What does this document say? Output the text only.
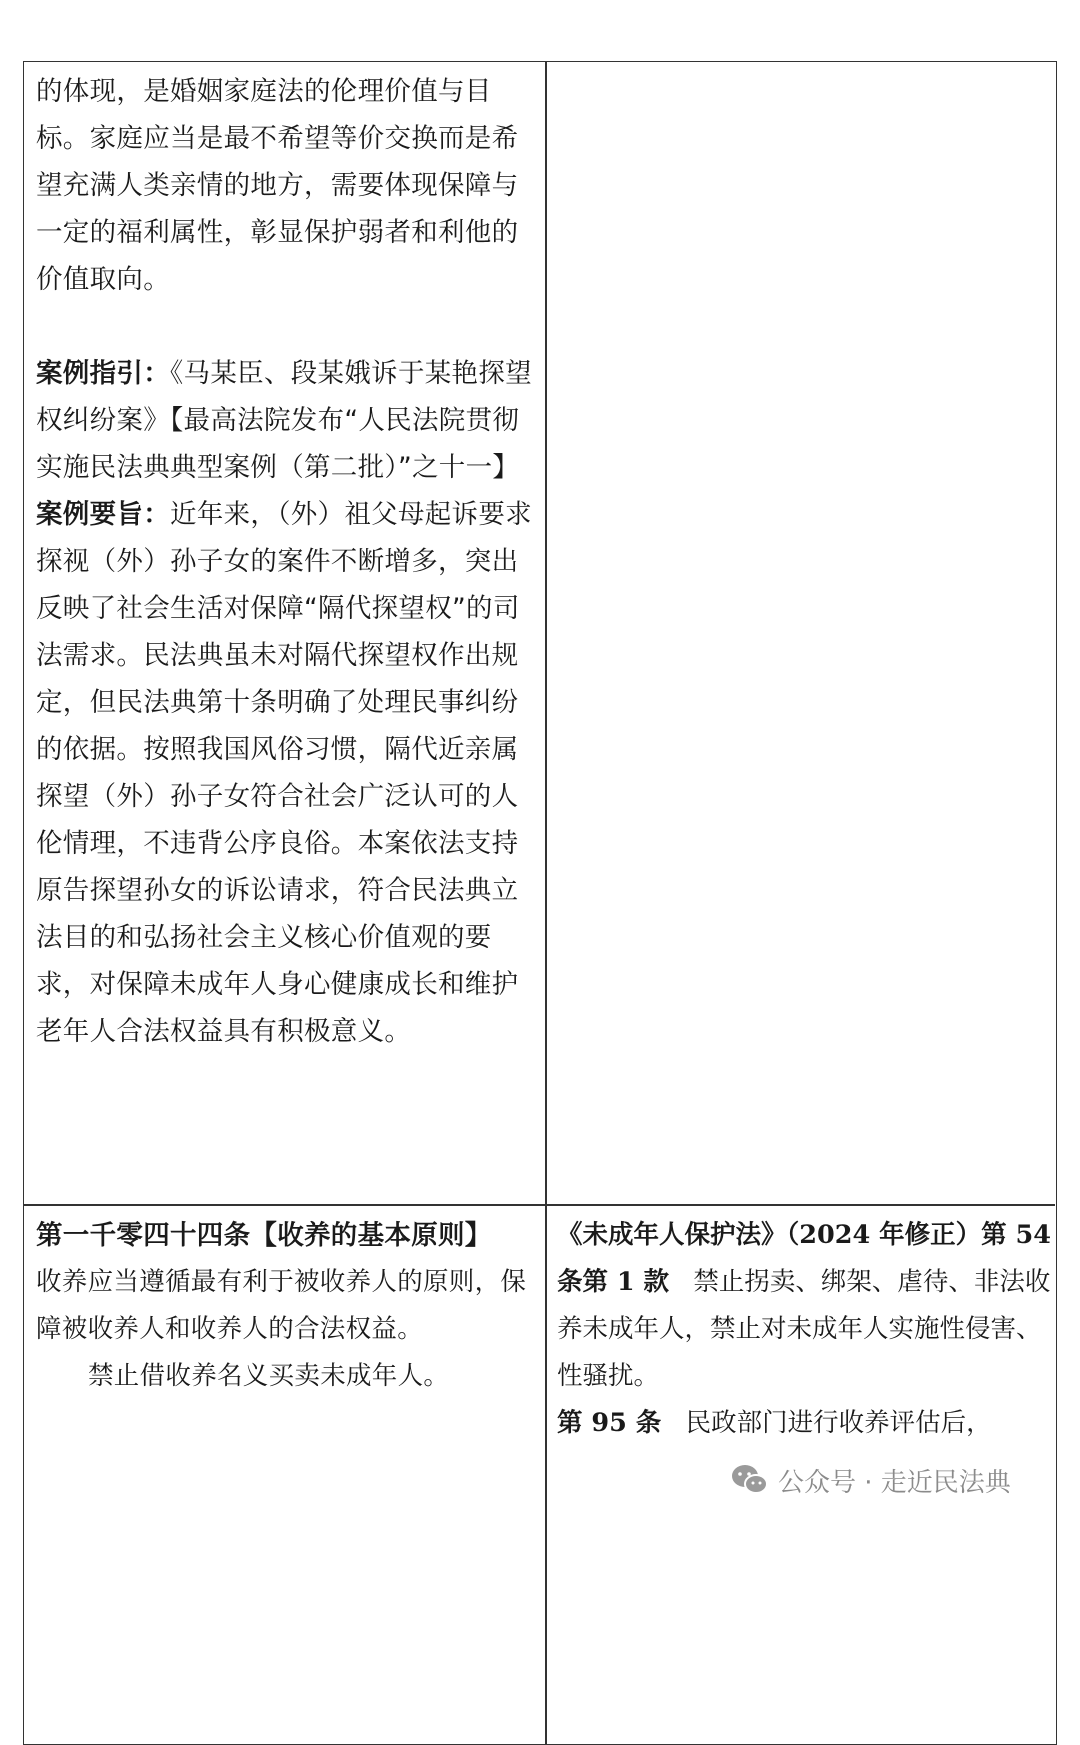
的体现，是婚姻家庭法的伦理价值与目标。家庭应当是最不希望等价交换而是希望充满人类亲情的地方，需要体现保障与一定的福利属性，彰显保护弱者和利他的价值取向。

案例指引：《马某臣、段某娥诉于某艳探望权纠纷案》【最高法院发布“人民法院贯彻实施民法典典型案例（第二批）”之十一】

案例要旨：近年来，（外）祖父母起诉要求探视（外）孙子女的案件不断增多，突出反映了社会生活对保障“隔代探望权”的司法需求。民法典虽未对隔代探望权作出规定，但民法典第十条明确了处理民事纠纷的依据。按照我国风俗习惯，隔代近亲属探望（外）孙子女符合社会广泛认可的人伦情理，不违背公序良俗。本案依法支持原告探望孙女的诉讼请求，符合民法典立法目的和弘扬社会主义核心价值观的要求，对保障未成年人身心健康成长和维护老年人合法权益具有积极意义。

第一千零四十四条【收养的基本原则】

收养应当遵循最有利于被收养人的原则，保障被收养人和收养人的合法权益。

禁止借收养名义买卖未成年人。

《未成年人保护法》（2024 年修正）第 54 条第 1 款 禁止拐卖、绑架、虐待、非法收养未成年人，禁止对未成年人实施性侵害、性骚扰。

第 95 条 民政部门进行收养评估后，

公众号 · 走近民法典
